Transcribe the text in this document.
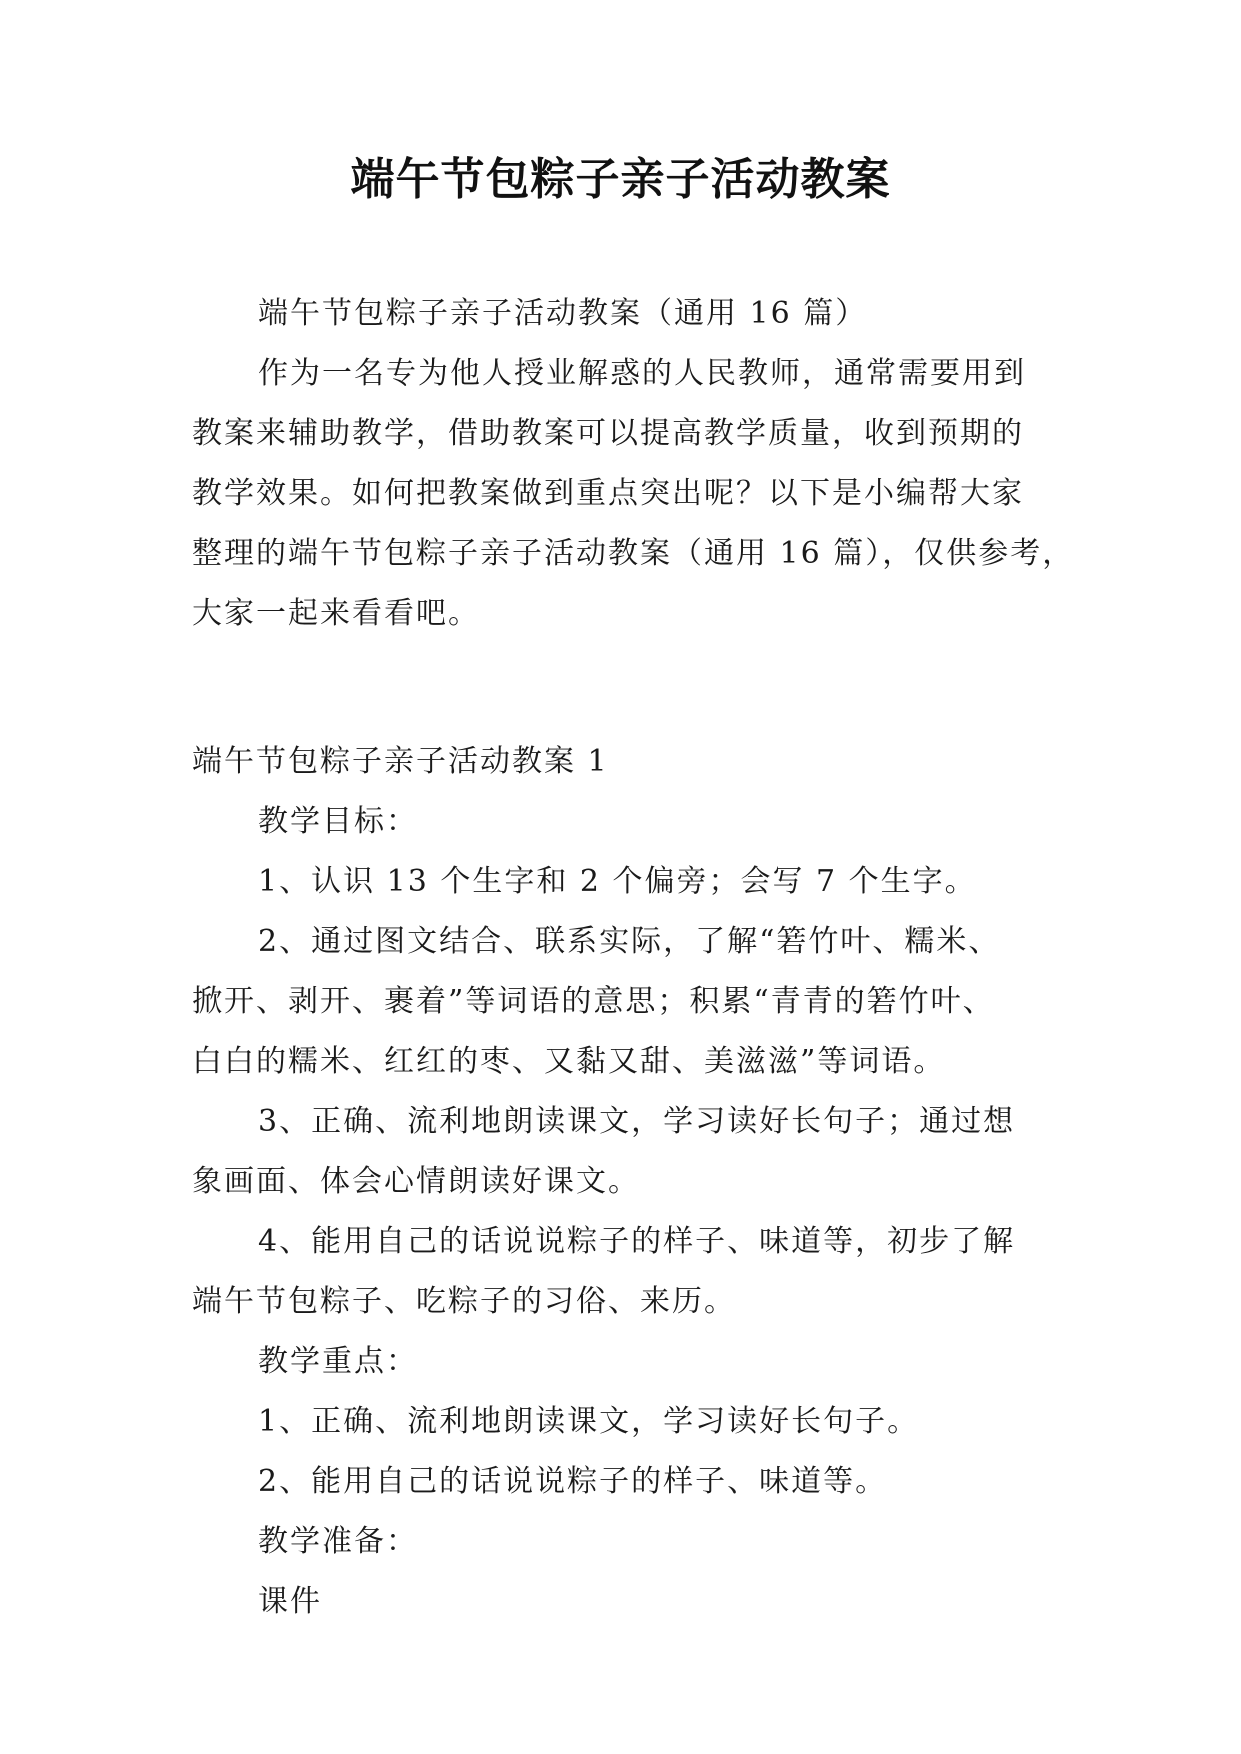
端午节包粽子亲子活动教案
端午节包粽子亲子活动教案（通用 16 篇）
作为一名专为他人授业解惑的人民教师，通常需要用到
教案来辅助教学，借助教案可以提高教学质量，收到预期的
教学效果。如何把教案做到重点突出呢？以下是小编帮大家
整理的端午节包粽子亲子活动教案（通用 16 篇），仅供参考，
大家一起来看看吧。
端午节包粽子亲子活动教案 1
教学目标：
1、认识 13 个生字和 2 个偏旁；会写 7 个生字。
2、通过图文结合、联系实际，了解“箬竹叶、糯米、
掀开、剥开、裹着”等词语的意思；积累“青青的箬竹叶、
白白的糯米、红红的枣、又黏又甜、美滋滋”等词语。
3、正确、流利地朗读课文，学习读好长句子；通过想
象画面、体会心情朗读好课文。
4、能用自己的话说说粽子的样子、味道等，初步了解
端午节包粽子、吃粽子的习俗、来历。
教学重点：
1、正确、流利地朗读课文，学习读好长句子。
2、能用自己的话说说粽子的样子、味道等。
教学准备：
课件
